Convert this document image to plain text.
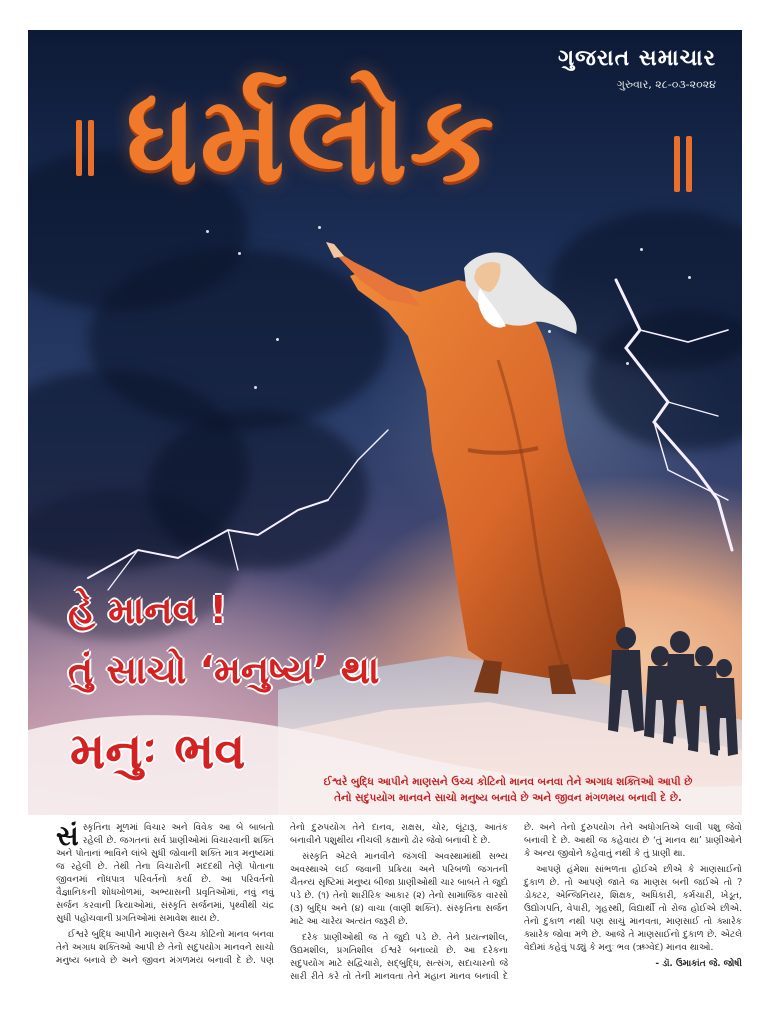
ધર્મલોક
ગુજરાત સમાચાર
ગુરુવાર, ૨૮-૦૩-૨૦૨૪
હે માનવ !
તું સાચો ‘મનુષ્ય’ થા
મનુઃ ભવ
ઈશ્વરે બુદ્ધિ આપીને માણસને ઉચ્ચ કોટિનો માનવ બનવા તેને અગાધ શક્તિઓ આપી છે
તેનો સદુપયોગ માનવને સાચો મનુષ્ય બનાવે છે અને જીવન મંગળમય બનાવી દે છે.

સંસ્કૃતિના મૂળમાં વિચાર અને વિવેક આ બે બાબતો રહેલી છે. જગતનાં સર્વ પ્રાણીઓમાં વિચારવાની શક્તિ અને પોતાનાં ભાવિને લાંબે સુધી જોવાની શક્તિ માત્ર મનુષ્યમાં જ રહેલી છે. તેથી તેના વિચારોની મદદથી તેણે પોતાના જીવનમાં નોંધપાત્ર પરિવર્તનો કર્યા છે. આ પરિવર્તનો વૈજ્ઞાનિકની શોધખોળમાં, અભ્યાસની પ્રવૃતિઓમાં, નવું નવું સર્જન કરવાની ક્રિયાઓમાં, સંસ્કૃતિ સર્જનમાં, પૃથ્વીથી ચંદ્ર સુધી પહોંચવાની પ્રગતિઓમાં સમાવેશ થાય છે.

ઈશ્વરે બુદ્ધિ આપીને માણસને ઉચ્ચ કોટિનો માનવ બનવા તેને અગાધ શક્તિઓ આપી છે તેનો સદુપયોગ માનવને સાચો મનુષ્ય બનાવે છે અને જીવન મંગળમય બનાવી દે છે. પણ તેનો દુરુપયોગ તેને દાનવ, રાક્ષસ, ચોર, લૂંટારૂ, આતંક બનાવીને પશુથીય નીચલી કક્ષાનો ઢોર જેવો બનાવી દે છે.

સંસ્કૃતિ એટલે માનવીને જંગલી અવસ્થામાંથી સભ્ય અવસ્થાએ લઈ જવાની પ્રક્રિયા અને પરિબળો જગતની ચૈતન્ય સૃષ્ટિમાં મનુષ્ય બીજા પ્રાણીઓથી ચાર બાબતે તે જુદો પડે છે. (૧) તેનો શારીરિક આકાર (૨) તેનો સામાજિક વારસો (૩) બુદ્ધિ અને (૪) વાચા (વાણી શક્તિ). સંસ્કૃતિના સર્જન માટે આ ચારેય અત્યંત જરૂરી છે.

દરેક પ્રાણીઓથી જ તે જુદો પડે છે. તેને પ્રયત્નશીલ, ઉદ્યમશીલ, પ્રગતિશીલ ઈશ્વરે બનાવ્યો છે. આ દરેકના સદુપયોગ માટે સદ્વિચારો, સદ્બુદ્ધિ, સત્સંગ, સદાચારનો જે સારી રીતે કરે તો તેની માનવતા તેને મહાન માનવ બનાવી દે છે. અને તેનો દુરુપયોગ તેને અધોગતિએ લાવી પશુ જેવો બનાવી દે છે. આથી જ કહેવાય છે ‘તું માનવ થા’ પ્રાણીઓને કે અન્ય જીવોને કહેવાતું નથી કે તું પ્રાણી થા.

આપણે હંમેશા સાંભળતા હોઈએ છીએ કે માણસાઈનો દુકાળ છે. તો આપણે જાતે જ માણસ બની જઈએ તો ? ડોક્ટર, એન્જિનિયર, શિક્ષક, અધિકારી, કર્મચારી, ખેડૂત, ઉદ્યોગપતિ, વેપારી, ગૃહસ્થી, વિદ્યાર્થી તો રોજ હોઈએ છીએ. તેનો દુકાળ નથી પણ સાચું માનવતા, માણસાઈ તો ક્યારેક ક્યારેક જોવા મળે છે. આજે તે માણસાઈનો દુકાળ છે. એટલે વેદોમાં કહેવું પડ્યું કે મનુઃ ભવ (ઋગ્વેદ) માનવ થાઓ.

- ડૉ. ઉમાકાંત જે. જોષી
